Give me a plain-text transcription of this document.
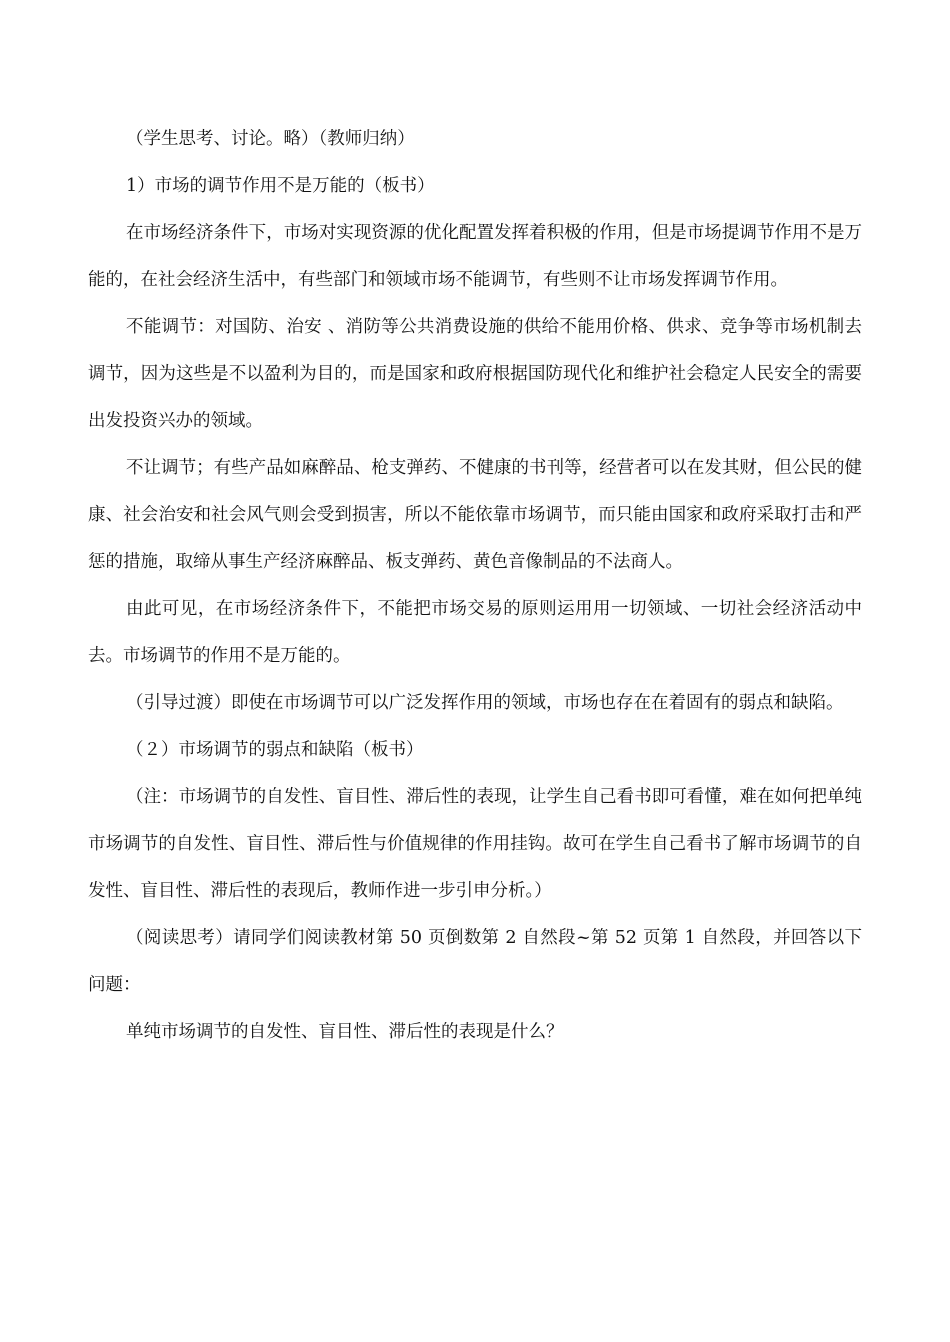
（学生思考、讨论。略）（教师归纳）

1）市场的调节作用不是万能的（板书）

在市场经济条件下，市场对实现资源的优化配置发挥着积极的作用，但是市场提调节作用不是万能的，在社会经济生活中，有些部门和领域市场不能调节，有些则不让市场发挥调节作用。

不能调节：对国防、治安 、消防等公共消费设施的供给不能用价格、供求、竞争等市场机制去调节，因为这些是不以盈利为目的，而是国家和政府根据国防现代化和维护社会稳定人民安全的需要出发投资兴办的领域。

不让调节；有些产品如麻醉品、枪支弹药、不健康的书刊等，经营者可以在发其财，但公民的健康、社会治安和社会风气则会受到损害，所以不能依靠市场调节，而只能由国家和政府采取打击和严惩的措施，取缔从事生产经济麻醉品、板支弹药、黄色音像制品的不法商人。

由此可见，在市场经济条件下，不能把市场交易的原则运用用一切领域、一切社会经济活动中去。市场调节的作用不是万能的。

（引导过渡）即使在市场调节可以广泛发挥作用的领域，市场也存在在着固有的弱点和缺陷。

（２）市场调节的弱点和缺陷（板书）

（注：市场调节的自发性、盲目性、滞后性的表现，让学生自己看书即可看懂，难在如何把单纯市场调节的自发性、盲目性、滞后性与价值规律的作用挂钩。故可在学生自己看书了解市场调节的自发性、盲目性、滞后性的表现后，教师作进一步引申分析。）

（阅读思考）请同学们阅读教材第 50 页倒数第 2 自然段~第 52 页第 1 自然段，并回答以下问题：

单纯市场调节的自发性、盲目性、滞后性的表现是什么？
